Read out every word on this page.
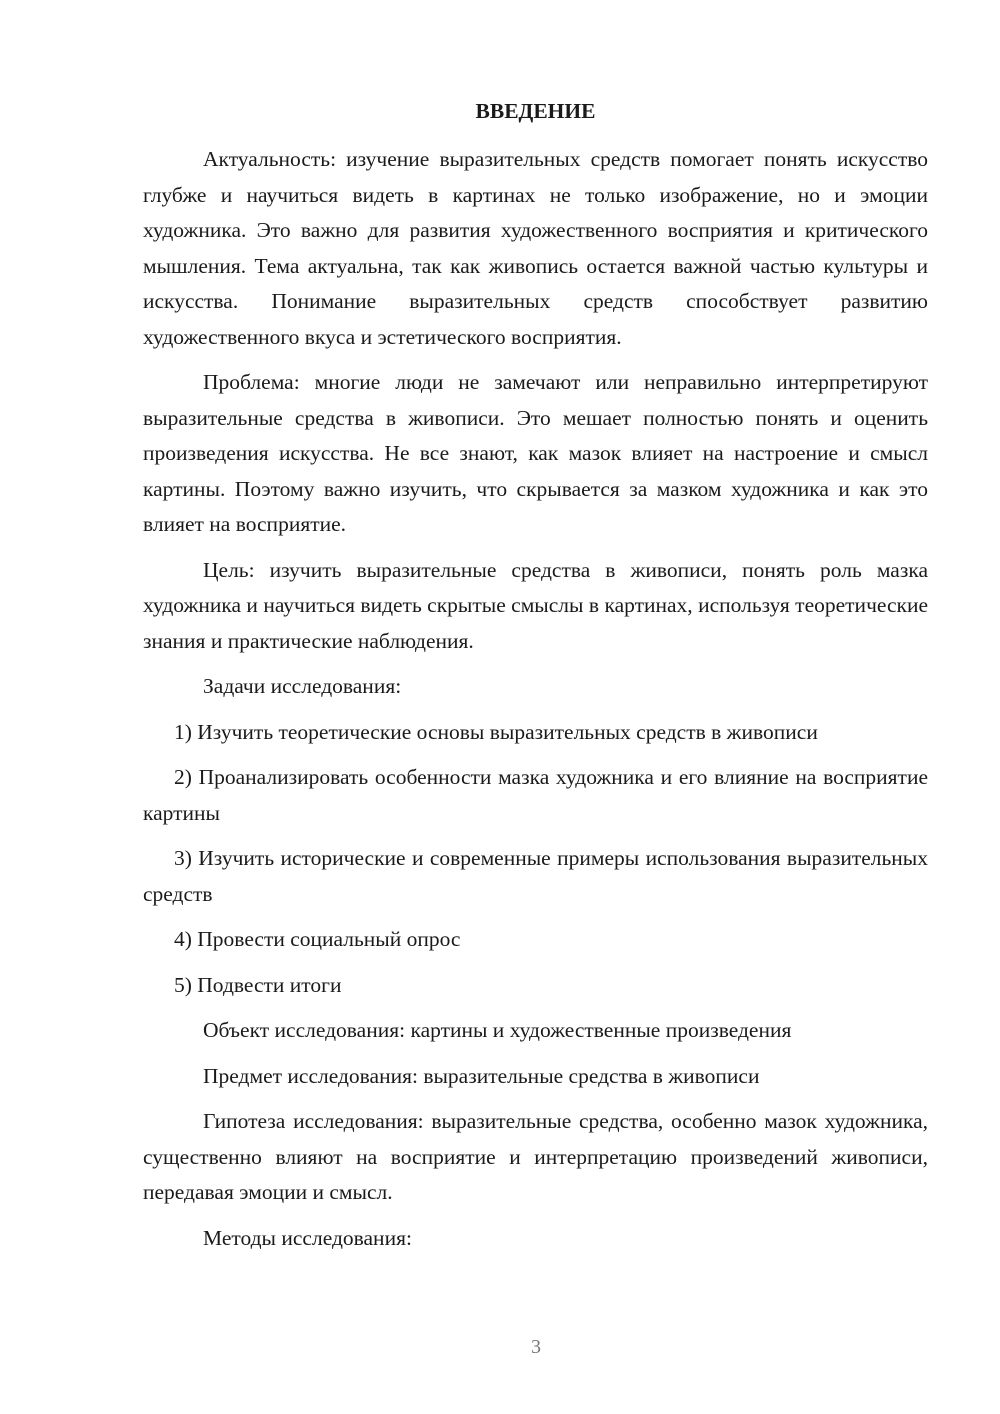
ВВЕДЕНИЕ

Актуальность: изучение выразительных средств помогает понять искусство глубже и научиться видеть в картинах не только изображение, но и эмоции художника. Это важно для развития художественного восприятия и критического мышления. Тема актуальна, так как живопись остается важной частью культуры и искусства. Понимание выразительных средств способствует развитию художественного вкуса и эстетического восприятия.

Проблема: многие люди не замечают или неправильно интерпретируют выразительные средства в живописи. Это мешает полностью понять и оценить произведения искусства. Не все знают, как мазок влияет на настроение и смысл картины. Поэтому важно изучить, что скрывается за мазком художника и как это влияет на восприятие.

Цель: изучить выразительные средства в живописи, понять роль мазка художника и научиться видеть скрытые смыслы в картинах, используя теоретические знания и практические наблюдения.

Задачи исследования:

1) Изучить теоретические основы выразительных средств в живописи

2) Проанализировать особенности мазка художника и его влияние на восприятие картины

3) Изучить исторические и современные примеры использования выразительных средств

4) Провести социальный опрос

5) Подвести итоги

Объект исследования: картины и художественные произведения

Предмет исследования: выразительные средства в живописи

Гипотеза исследования: выразительные средства, особенно мазок художника, существенно влияют на восприятие и интерпретацию произведений живописи, передавая эмоции и смысл.

Методы исследования:

3
